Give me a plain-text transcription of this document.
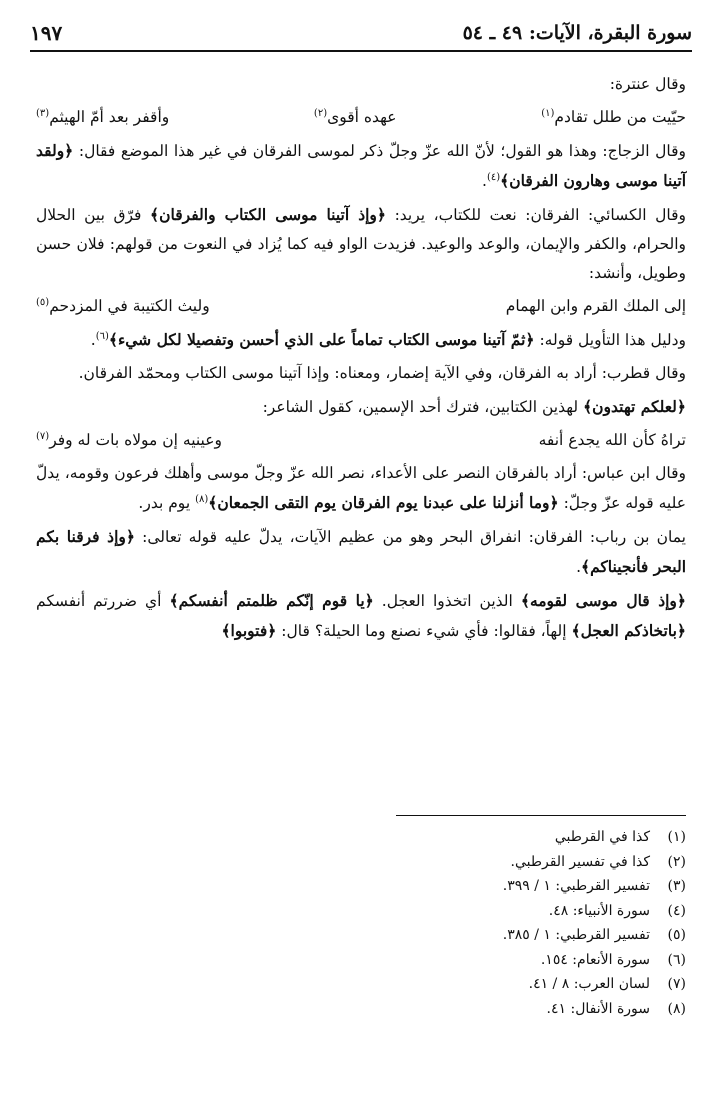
سورة البقرة، الآيات: ٤٩ ـ ٥٤
١٩٧

وقال عنترة:

حيّيت من طلل تقادم$^{(١)}$
عهده أقوى$^{(٢)}$
وأقفر بعد أمّ الهيثم$^{(٣)}$

وقال الزجاج: وهذا هو القول؛ لأنّ الله عزّ وجلّ ذكر لموسى الفرقان في غير هذا الموضع فقال: ﴿ولقد آتينا موسى وهارون الفرقان﴾$^{(٤)}$.

وقال الكسائي: الفرقان: نعت للكتاب، يريد: ﴿وإذ آتينا موسى الكتاب والفرقان﴾ فرّق بين الحلال والحرام، والكفر والإيمان، والوعد والوعيد. فزيدت الواو فيه كما يُزاد في النعوت من قولهم: فلان حسن وطويل، وأنشد:

إلى الملك القرم وابن الهمام
وليث الكتيبة في المزدحم$^{(٥)}$

ودليل هذا التأويل قوله: ﴿ثمّ آتينا موسى الكتاب تماماً على الذي أحسن وتفصيلا لكل شيء﴾$^{(٦)}$.

وقال قطرب: أراد به الفرقان، وفي الآية إضمار، ومعناه: وإذا آتينا موسى الكتاب ومحمّد الفرقان.

﴿لعلكم تهتدون﴾ لهذين الكتابين، فترك أحد الإسمين، كقول الشاعر:

تراهُ كأن الله يجدع أنفه
وعينيه إن مولاه بات له وفر$^{(٧)}$

وقال ابن عباس: أراد بالفرقان النصر على الأعداء، نصر الله عزّ وجلّ موسى وأهلك فرعون وقومه، يدلّ عليه قوله عزّ وجلّ: ﴿وما أنزلنا على عبدنا يوم الفرقان يوم التقى الجمعان﴾$^{(٨)}$ يوم بدر.

يمان بن رباب: الفرقان: انفراق البحر وهو من عظيم الآيات، يدلّ عليه قوله تعالى: ﴿وإذ فرقنا بكم البحر فأنجيناكم﴾.

﴿وإذ قال موسى لقومه﴾ الذين اتخذوا العجل. ﴿يا قوم إنّكم ظلمتم أنفسكم﴾ أي ضررتم أنفسكم ﴿باتخاذكم العجل﴾ إلهاً، فقالوا: فأي شيء نصنع وما الحيلة؟ قال: ﴿فتوبوا﴾

(١)
كذا في القرطبي
(٢)
كذا في تفسير القرطبي.
(٣)
تفسير القرطبي: ١ / ٣٩٩.
(٤)
سورة الأنبياء: ٤٨.
(٥)
تفسير القرطبي: ١ / ٣٨٥.
(٦)
سورة الأنعام: ١٥٤.
(٧)
لسان العرب: ٨ / ٤١.
(٨)
سورة الأنفال: ٤١.
